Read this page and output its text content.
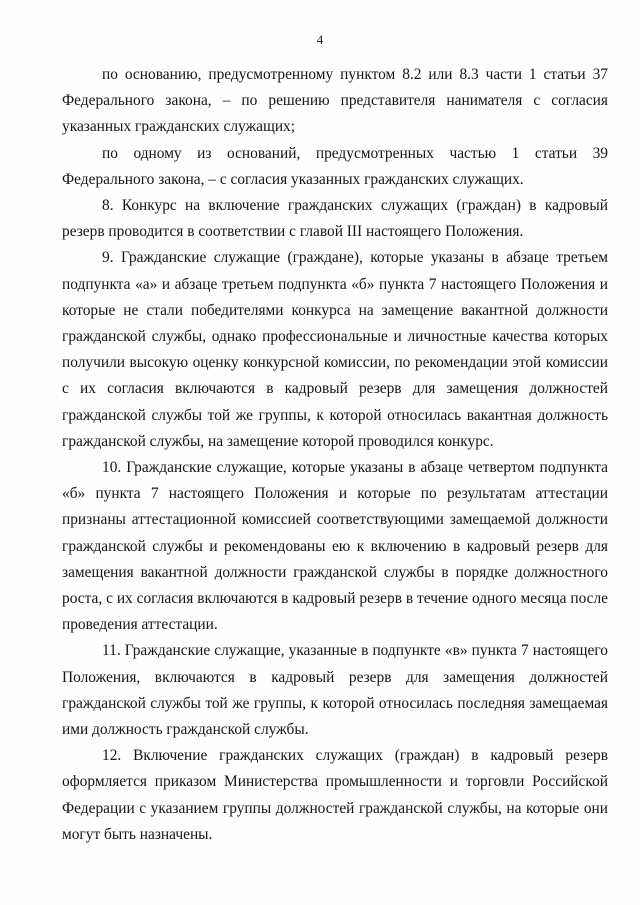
4

по основанию, предусмотренному пунктом 8.2 или 8.3 части 1 статьи 37 Федерального закона, – по решению представителя нанимателя с согласия указанных гражданских служащих;

по одному из оснований, предусмотренных частью 1 статьи 39 Федерального закона, – с согласия указанных гражданских служащих.

8. Конкурс на включение гражданских служащих (граждан) в кадровый резерв проводится в соответствии с главой III настоящего Положения.

9. Гражданские служащие (граждане), которые указаны в абзаце третьем подпункта «а» и абзаце третьем подпункта «б» пункта 7 настоящего Положения и которые не стали победителями конкурса на замещение вакантной должности гражданской службы, однако профессиональные и личностные качества которых получили высокую оценку конкурсной комиссии, по рекомендации этой комиссии с их согласия включаются в кадровый резерв для замещения должностей гражданской службы той же группы, к которой относилась вакантная должность гражданской службы, на замещение которой проводился конкурс.

10. Гражданские служащие, которые указаны в абзаце четвертом подпункта «б» пункта 7 настоящего Положения и которые по результатам аттестации признаны аттестационной комиссией соответствующими замещаемой должности гражданской службы и рекомендованы ею к включению в кадровый резерв для замещения вакантной должности гражданской службы в порядке должностного роста, с их согласия включаются в кадровый резерв в течение одного месяца после проведения аттестации.

11. Гражданские служащие, указанные в подпункте «в» пункта 7 настоящего Положения, включаются в кадровый резерв для замещения должностей гражданской службы той же группы, к которой относилась последняя замещаемая ими должность гражданской службы.

12. Включение гражданских служащих (граждан) в кадровый резерв оформляется приказом Министерства промышленности и торговли Российской Федерации с указанием группы должностей гражданской службы, на которые они могут быть назначены.
